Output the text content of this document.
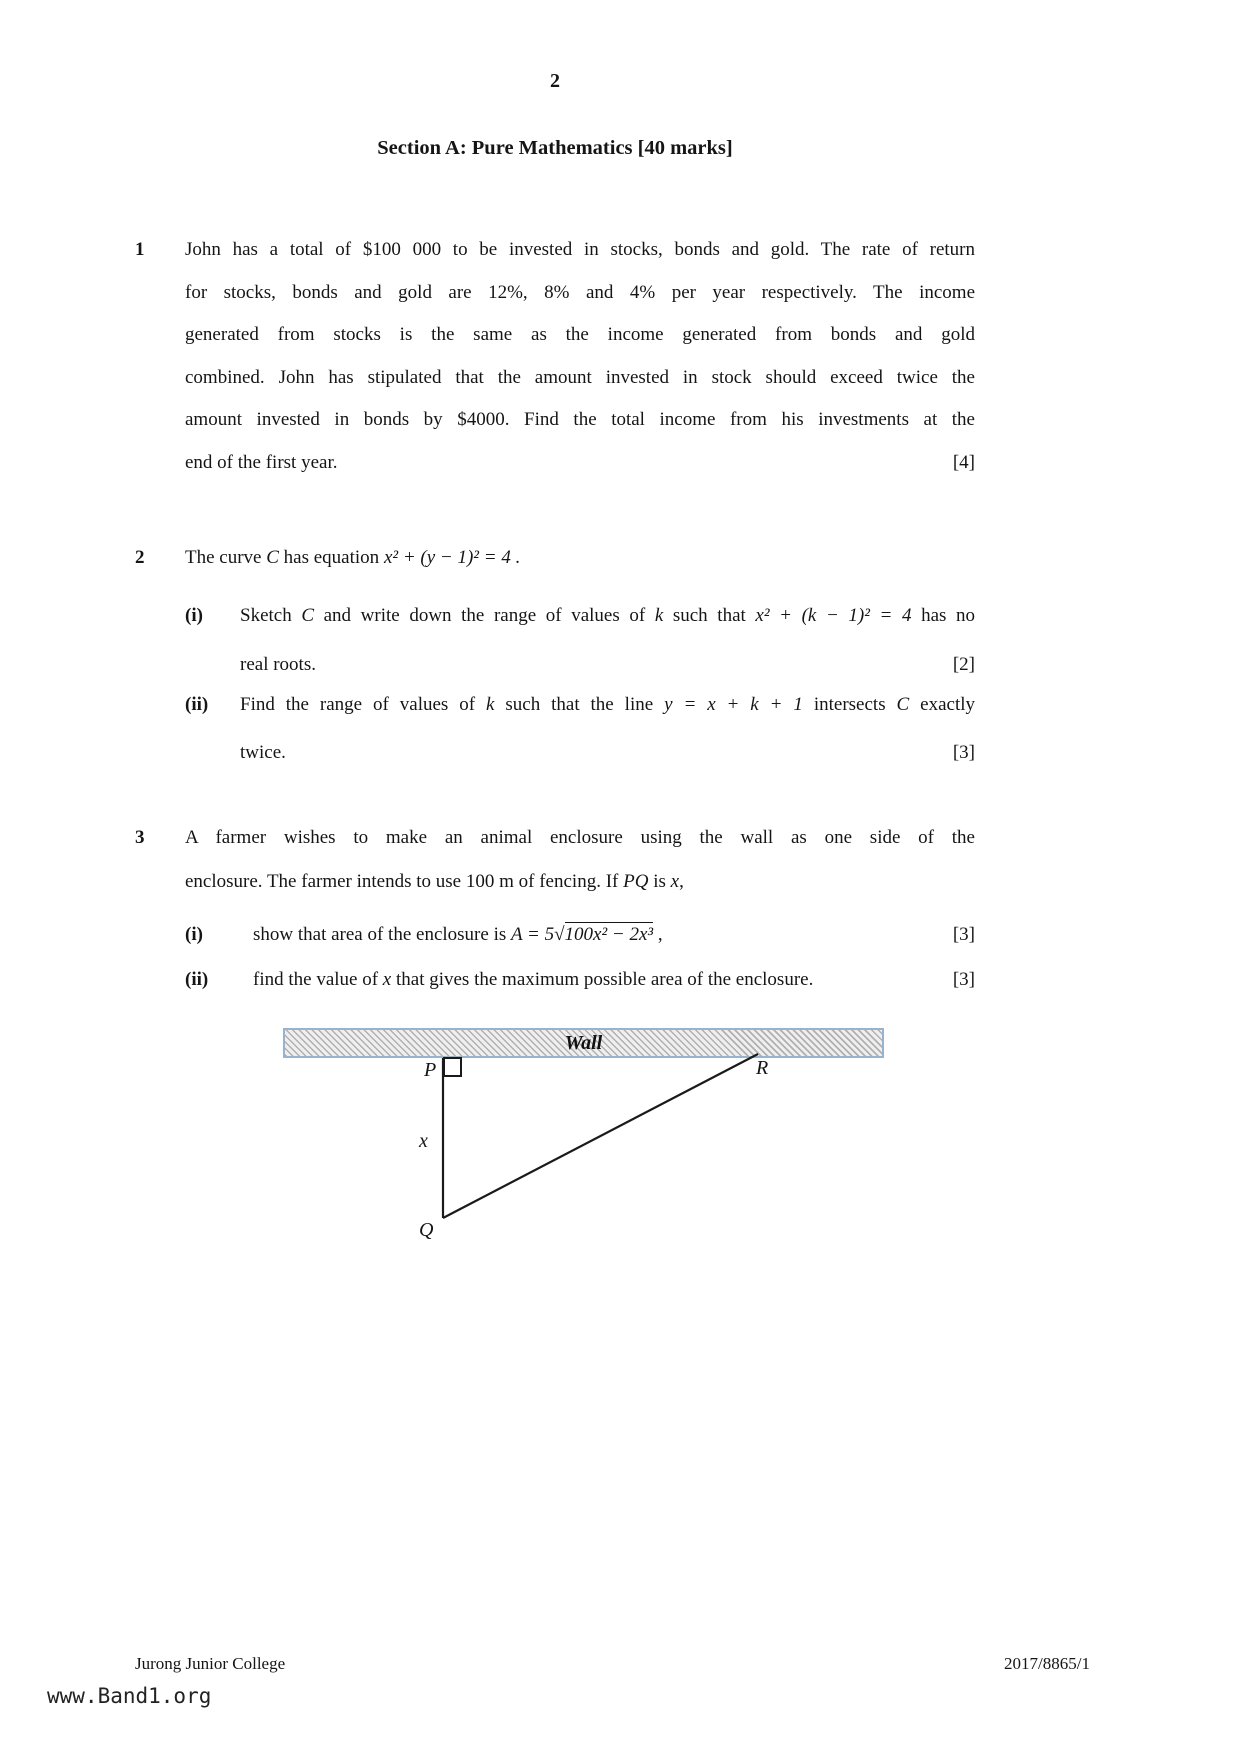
2
Section A: Pure Mathematics [40 marks]
1 John has a total of $100 000 to be invested in stocks, bonds and gold. The rate of return
for stocks, bonds and gold are 12%, 8% and 4% per year respectively. The income
generated from stocks is the same as the income generated from bonds and gold
combined. John has stipulated that the amount invested in stock should exceed twice the
amount invested in bonds by $4000. Find the total income from his investments at the
end of the first year.	[4]
2 The curve C has equation x² + (y − 1)² = 4 .
(i) Sketch C and write down the range of values of k such that x² + (k − 1)² = 4 has no
real roots.	[2]
(ii) Find the range of values of k such that the line y = x + k + 1 intersects C exactly
twice.	[3]
3 A farmer wishes to make an animal enclosure using the wall as one side of the
enclosure. The farmer intends to use 100 m of fencing. If PQ is x,
(i)	show that area of the enclosure is A = 5√100x² − 2x³ ,	[3]
(ii) find the value of x that gives the maximum possible area of the enclosure.	[3]
Wall
P
x
Q
R
Jurong Junior College	2017/8865/1
www.Band1.org
